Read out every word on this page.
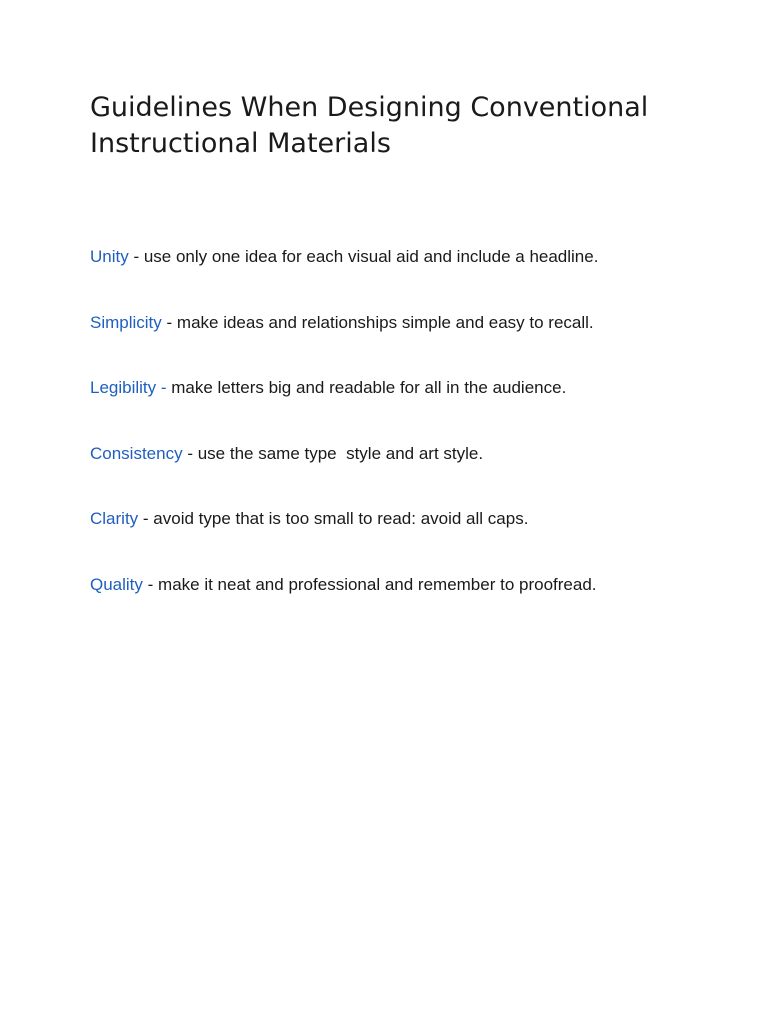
Guidelines When Designing Conventional
Instructional Materials
Unity - use only one idea for each visual aid and include a headline.
Simplicity - make ideas and relationships simple and easy to recall.
Legibility - make letters big and readable for all in the audience.
Consistency - use the same type  style and art style.
Clarity - avoid type that is too small to read: avoid all caps.
Quality - make it neat and professional and remember to proofread.
